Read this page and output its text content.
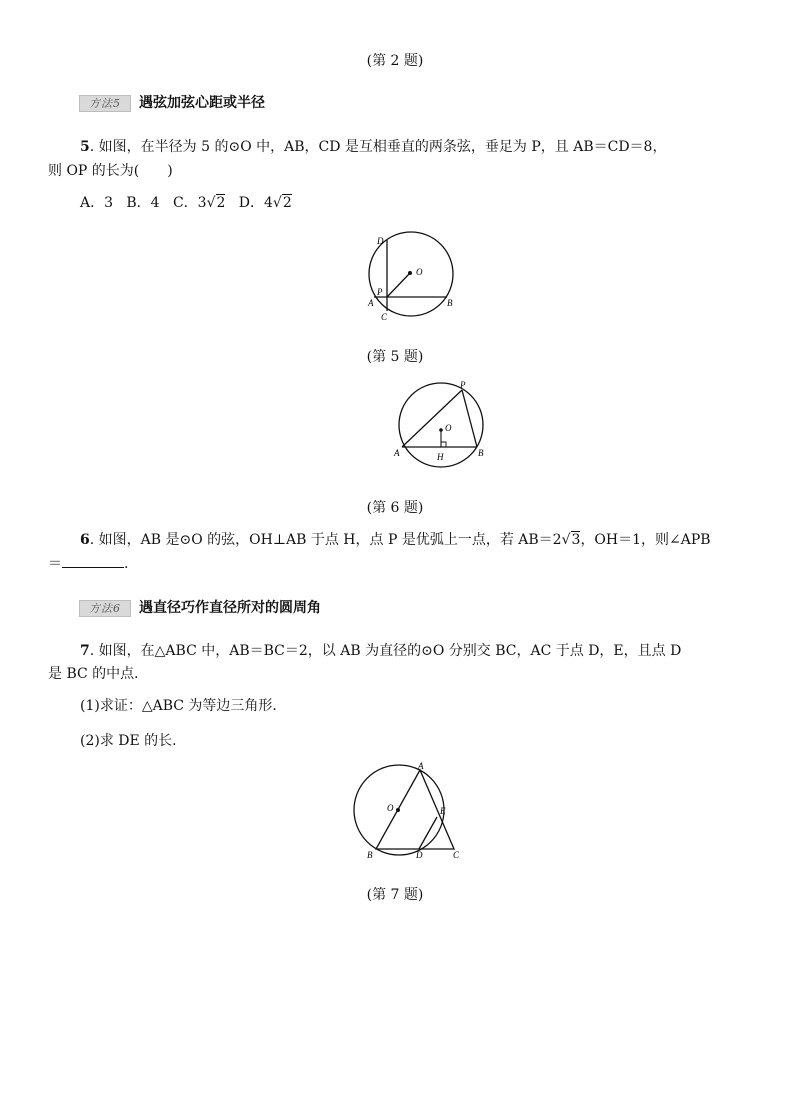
(第 2 题)
方法5 遇弦加弦心距或半径
5. 如图，在半径为 5 的⊙O 中，AB，CD 是互相垂直的两条弦，垂足为 P，且 AB＝CD＝8，
则 OP 的长为(　　)
A．3 B．4 C．3√2 D．4√2
D
O
P
A	B
C
(第 5 题)
P
O
A	H	B
(第 6 题)
6. 如图，AB 是⊙O 的弦，OH⊥AB 于点 H，点 P 是优弧上一点，若 AB＝2√3，OH＝1，则∠APB
＝	.
方法6 遇直径巧作直径所对的圆周角
7. 如图，在△ABC 中，AB＝BC＝2，以 AB 为直径的⊙O 分别交 BC，AC 于点 D，E，且点 D
是 BC 的中点．
(1)求证：△ABC 为等边三角形．
(2)求 DE 的长．
A
O	E
B	D	C
(第 7 题)
